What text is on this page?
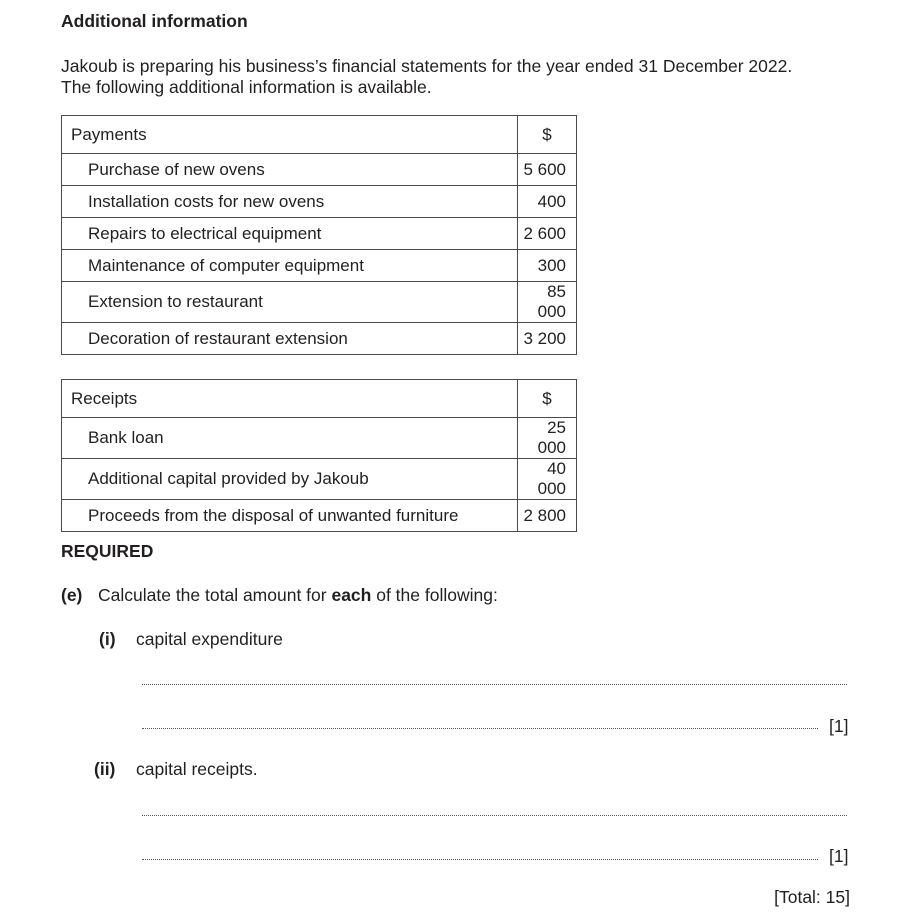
Additional information
Jakoub is preparing his business’s financial statements for the year ended 31 December 2022.
The following additional information is available.
Payments	$
Purchase of new ovens	5 600
Installation costs for new ovens	400
Repairs to electrical equipment	2 600
Maintenance of computer equipment	300
Extension to restaurant	85 000
Decoration of restaurant extension	3 200
Receipts	$
Bank loan	25 000
Additional capital provided by Jakoub	40 000
Proceeds from the disposal of unwanted furniture	2 800
REQUIRED
(e) Calculate the total amount for each of the following:
(i) capital expenditure
[1]
(ii) capital receipts.
[1]
[Total: 15]
